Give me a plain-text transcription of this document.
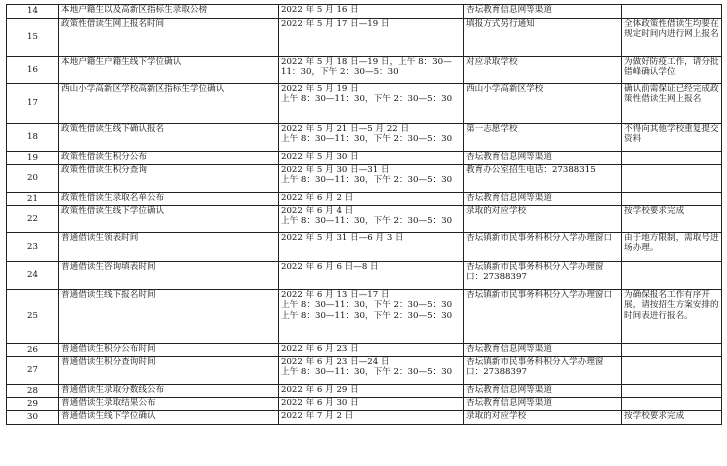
14	本地户籍生以及高新区指标生录取公榜	2022 年 5 月 16 日	杏坛教育信息网等渠道	

15	政策性借读生网上报名时间	2022 年 5 月 17 日—19 日	填报方式另行通知	全体政策性借读生均要在规定时间内进行网上报名

16	本地户籍生户籍生线下学位确认	2022 年 5 月 18 日—19 日，上午 8：30—
11：30，下午 2：30—5：30	对应录取学校	为做好防疫工作，请分批错峰确认学位

17	西山小学高新区学校高新区指标生学位确认	2022 年 5 月 19 日
上午 8：30—11：30，下午 2：30—5：30	西山小学高新区学校	确认前需保证已经完成政策性借读生网上报名

18	政策性借读生线下确认报名	2022 年 5 月 21 日—5 月 22 日
上午 8：30—11：30，下午 2：30—5：30	第一志愿学校	不得向其他学校重复提交资料

19	政策性借读生积分公布	2022 年 5 月 30 日	杏坛教育信息网等渠道	

20	政策性借读生积分查询	2022 年 5 月 30 日—31 日
上午 8：30—11：30，下午 2：30—5：30	教育办公室招生电话：27388315	

21	政策性借读生录取名单公布	2022 年 6 月 2 日	杏坛教育信息网等渠道	

22	政策性借读生线下学位确认	2022 年 6 月 4 日
上午 8：30—11：30，下午 2：30—5：30	录取的对应学校	按学校要求完成

23	普通借读生领表时间	2022 年 5 月 31 日—6 月 3 日	杏坛镇新市民事务科积分入学办理窗口	由于地方限制，需取号进场办理。

24	普通借读生咨询填表时间	2022 年 6 月 6 日—8 日	杏坛镇新市民事务科积分入学办理窗口：27388397	

25	普通借读生线下报名时间	2022 年 6 月 13 日—17 日
上午 8：30—11：30，下午 2：30—5：30
上午 8：30—11：30，下午 2：30—5：30	杏坛镇新市民事务科积分入学办理窗口	为确保报名工作有序开展，请按招生方案安排的时间表进行报名。

26	普通借读生积分公布时间	2022 年 6 月 23 日	杏坛教育信息网等渠道	

27	普通借读生积分查询时间	2022 年 6 月 23 日—24 日
上午 8：30—11：30，下午 2：30—5：30	杏坛镇新市民事务科积分入学办理窗口：27388397	

28	普通借读生录取分数线公布	2022 年 6 月 29 日	杏坛教育信息网等渠道	

29	普通借读生录取结果公布	2022 年 6 月 30 日	杏坛教育信息网等渠道	

30	普通借读生线下学位确认	2022 年 7 月 2 日	录取的对应学校	按学校要求完成
